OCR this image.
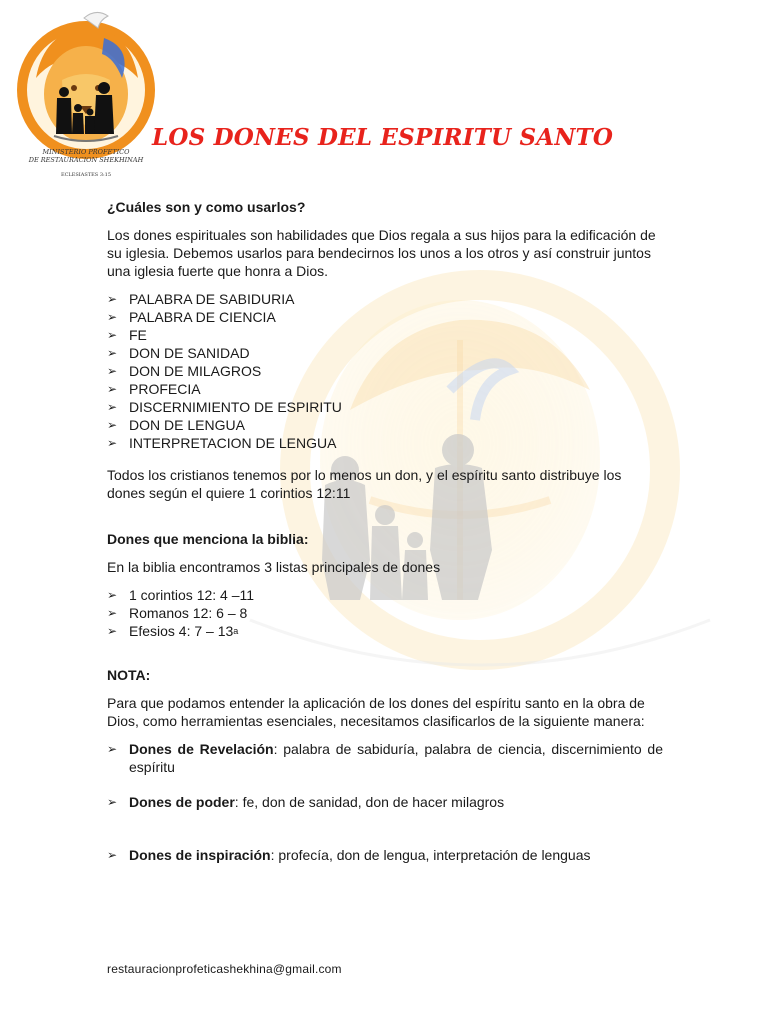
MINISTERIO PROFETICO
DE RESTAURACION SHEKHINAH
ECLESIASTES 3:15
LOS DONES DEL ESPIRITU SANTO

¿Cuáles son y como usarlos?

Los dones espirituales son habilidades que Dios regala a sus hijos para la edificación de su iglesia. Debemos usarlos para bendecirnos los unos a los otros y así construir juntos una iglesia fuerte que honra a Dios.

➢ PALABRA DE SABIDURIA
➢ PALABRA DE CIENCIA
➢ FE
➢ DON DE SANIDAD
➢ DON DE MILAGROS
➢ PROFECIA
➢ DISCERNIMIENTO DE ESPIRITU
➢ DON DE LENGUA
➢ INTERPRETACION DE LENGUA

Todos los cristianos tenemos por lo menos un don, y el espíritu santo distribuye los dones según el quiere 1 corintios 12:11

Dones que menciona la biblia:

En la biblia encontramos 3 listas principales de dones

➢ 1 corintios 12: 4 –11
➢ Romanos 12: 6 – 8
➢ Efesios 4: 7 – 13$^a$

NOTA:

Para que podamos entender la aplicación de los dones del espíritu santo en la obra de Dios, como herramientas esenciales, necesitamos clasificarlos de la siguiente manera:

➢ Dones de Revelación: palabra de sabiduría, palabra de ciencia, discernimiento de espíritu
➢ Dones de poder: fe, don de sanidad, don de hacer milagros
➢ Dones de inspiración: profecía, don de lengua, interpretación de lenguas
restauracionprofeticashekhina@gmail.com
